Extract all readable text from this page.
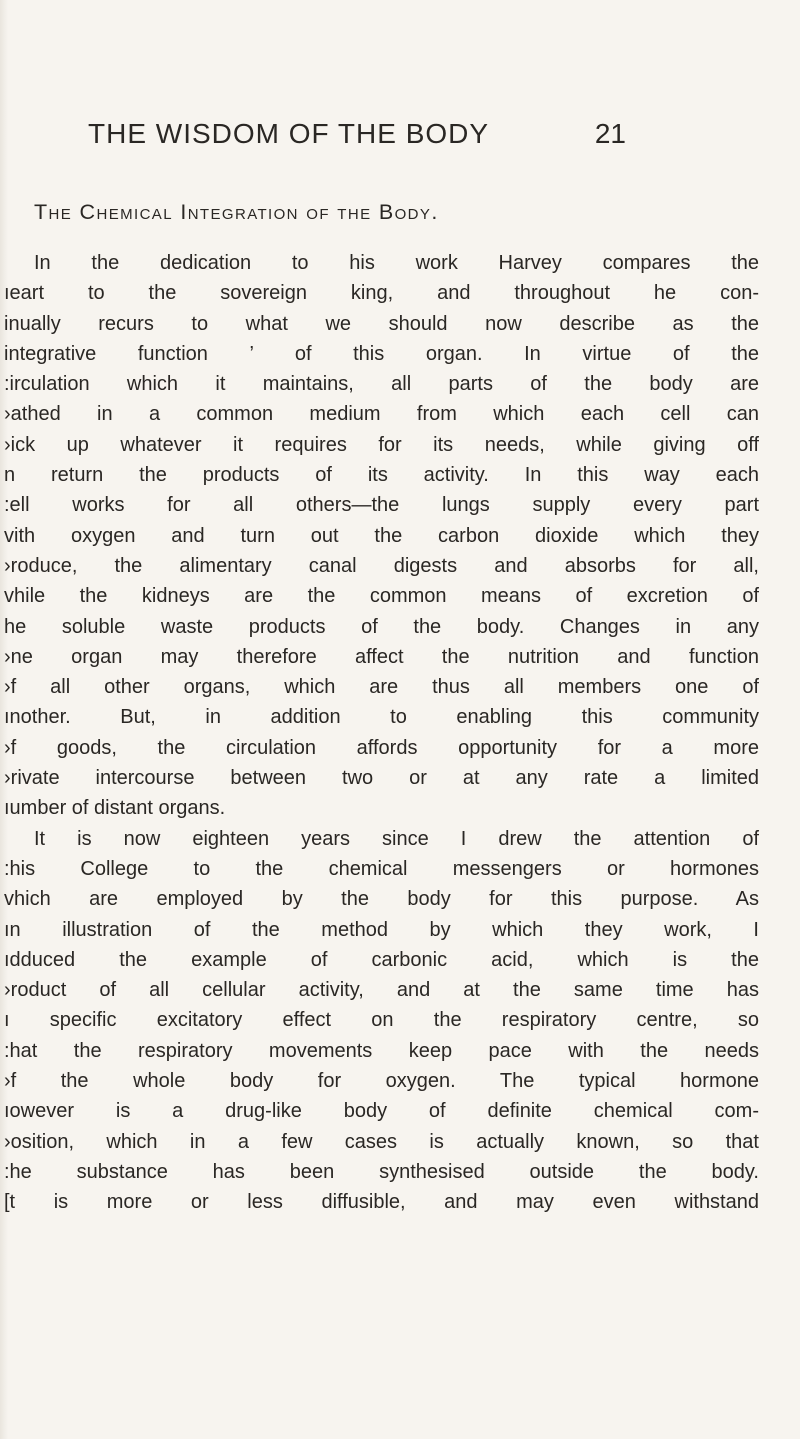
THE WISDOM OF THE BODY	21
The Chemical Integration of the Body.
In the dedication to his work Harvey compares the
ıeart to the sovereign king, and throughout he con-
inually recurs to what we should now describe as the
integrative function ’ of this organ. In virtue of the
:irculation which it maintains, all parts of the body are
›athed in a common medium from which each cell can
›ick up whatever it requires for its needs, while giving off
n return the products of its activity. In this way each
:ell works for all others—the lungs supply every part
vith oxygen and turn out the carbon dioxide which they
›roduce, the alimentary canal digests and absorbs for all,
vhile the kidneys are the common means of excretion of
he soluble waste products of the body. Changes in any
›ne organ may therefore affect the nutrition and function
›f all other organs, which are thus all members one of
ınother. But, in addition to enabling this community
›f goods, the circulation affords opportunity for a more
›rivate intercourse between two or at any rate a limited
ıumber of distant organs.
It is now eighteen years since I drew the attention of
:his College to the chemical messengers or hormones
vhich are employed by the body for this purpose. As
ın illustration of the method by which they work, I
ıdduced the example of carbonic acid, which is the
›roduct of all cellular activity, and at the same time has
ı specific excitatory effect on the respiratory centre, so
:hat the respiratory movements keep pace with the needs
›f the whole body for oxygen. The typical hormone
ıowever is a drug-like body of definite chemical com-
›osition, which in a few cases is actually known, so that
:he substance has been synthesised outside the body.
[t is more or less diffusible, and may even withstand
